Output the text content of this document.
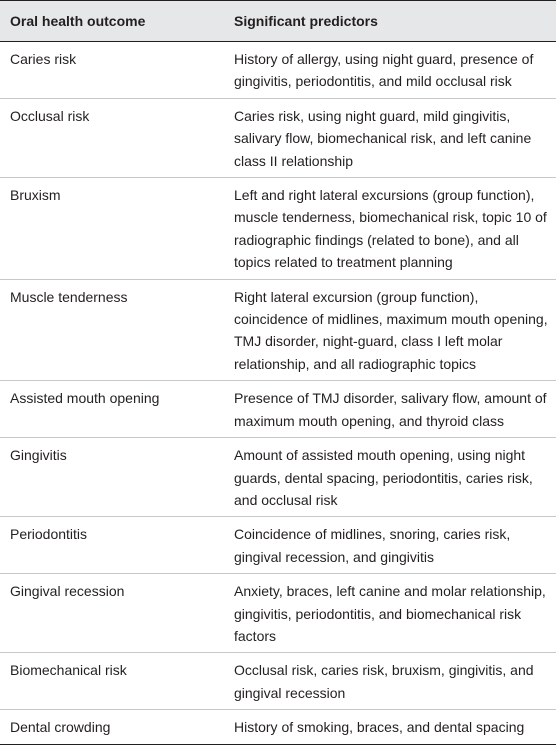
Oral health outcome	Significant predictors
Caries risk	History of allergy, using night guard, presence of gingivitis, periodontitis, and mild occlusal risk
Occlusal risk	Caries risk, using night guard, mild gingivitis, salivary flow, biomechanical risk, and left canine class II relationship
Bruxism	Left and right lateral excursions (group function), muscle tenderness, biomechanical risk, topic 10 of radiographic findings (related to bone), and all topics related to treatment planning
Muscle tenderness	Right lateral excursion (group function), coincidence of midlines, maximum mouth opening, TMJ disorder, night-guard, class I left molar relationship, and all radiographic topics
Assisted mouth opening	Presence of TMJ disorder, salivary flow, amount of maximum mouth opening, and thyroid class
Gingivitis	Amount of assisted mouth opening, using night guards, dental spacing, periodontitis, caries risk, and occlusal risk
Periodontitis	Coincidence of midlines, snoring, caries risk, gingival recession, and gingivitis
Gingival recession	Anxiety, braces, left canine and molar relationship, gingivitis, periodontitis, and biomechanical risk factors
Biomechanical risk	Occlusal risk, caries risk, bruxism, gingivitis, and gingival recession
Dental crowding	History of smoking, braces, and dental spacing
